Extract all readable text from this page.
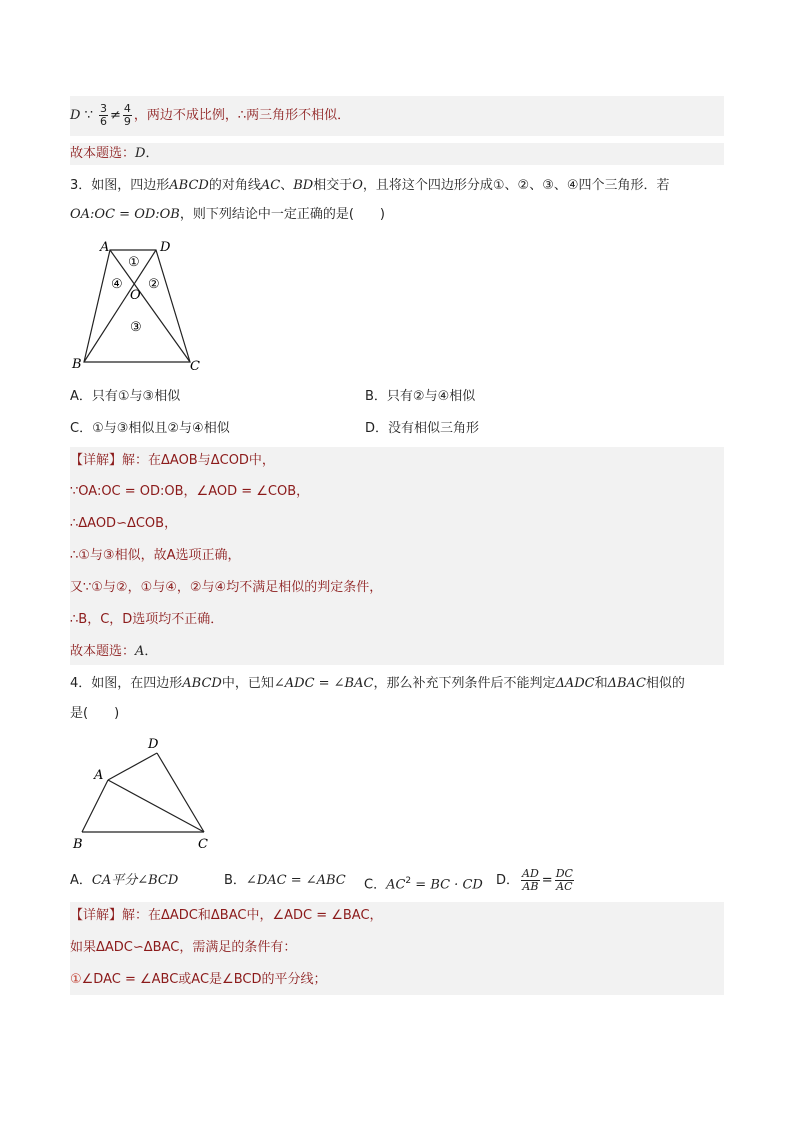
D ∵ $\frac{3}{6} \ne \frac{4}{9}$ ，两边不成比例，∴两三角形不相似．
故本题选：D．
3．如图，四边形ABCD的对角线AC、BD相交于O，且将这个四边形分成①、②、③、④四个三角形．若
OA:OC = OD:OB，则下列结论中一定正确的是(　　)
A	D
B	C
O
①
②
③
④
A．只有①与③相似	B．只有②与④相似
C．①与③相似且②与④相似	D．没有相似三角形
【详解】解：在ΔAOB与ΔCOD中，
∵OA:OC = OD:OB，∠AOD = ∠COB，
∴ΔAOD∽ΔCOB，
∴①与③相似，故A选项正确，
又∵①与②，①与④，②与④均不满足相似的判定条件，
∴B，C，D选项均不正确．
故本题选：A．
4．如图，在四边形ABCD中，已知∠ADC = ∠BAC，那么补充下列条件后不能判定ΔADC和ΔBAC相似的
是(　　)
D
A
B	C
A．CA平分∠BCD	B．∠DAC = ∠ABC C．$AC^2$ = BC · CD D． $\frac{AD}{AB} = \frac{DC}{AC}$
【详解】解：在ΔADC和ΔBAC中，∠ADC = ∠BAC，
如果ΔADC∽ΔBAC，需满足的条件有：
①∠DAC = ∠ABC或AC是∠BCD的平分线；
